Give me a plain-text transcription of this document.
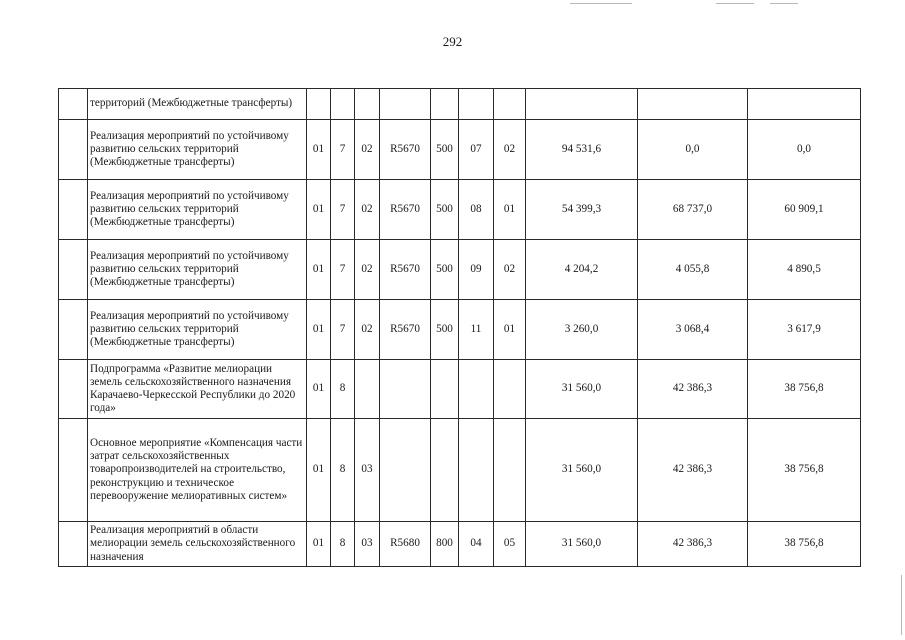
292
	территорий (Межбюджетные трансферты)										
	Реализация мероприятий по устойчивому развитию сельских территорий (Межбюджетные трансферты)	01	7	02	R5670	500	07	02	94 531,6	0,0	0,0
	Реализация мероприятий по устойчивому развитию сельских территорий (Межбюджетные трансферты)	01	7	02	R5670	500	08	01	54 399,3	68 737,0	60 909,1
	Реализация мероприятий по устойчивому развитию сельских территорий (Межбюджетные трансферты)	01	7	02	R5670	500	09	02	4 204,2	4 055,8	4 890,5
	Реализация мероприятий по устойчивому развитию сельских территорий (Межбюджетные трансферты)	01	7	02	R5670	500	11	01	3 260,0	3 068,4	3 617,9
	Подпрограмма «Развитие мелиорации земель сельскохозяйственного назначения Карачаево-Черкесской Республики до 2020 года»	01	8						31 560,0	42 386,3	38 756,8
	Основное мероприятие «Компенсация части затрат сельскохозяйственных товаропроизводителей на строительство, реконструкцию и техническое перевооружение мелиоративных систем»	01	8	03					31 560,0	42 386,3	38 756,8
	Реализация мероприятий в области мелиорации земель сельскохозяйственного назначения	01	8	03	R5680	800	04	05	31 560,0	42 386,3	38 756,8
